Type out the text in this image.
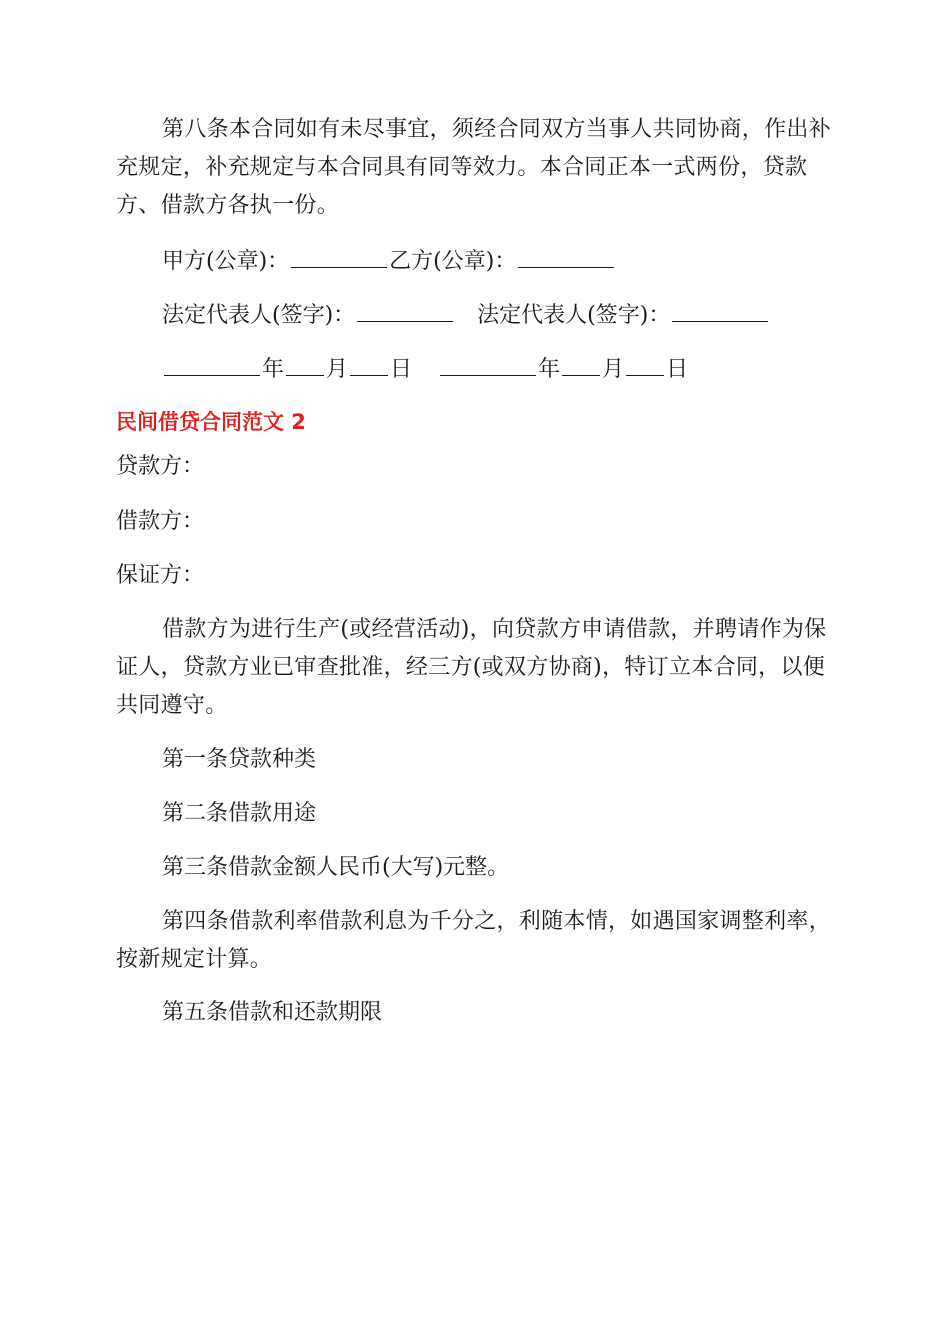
第八条本合同如有未尽事宜，须经合同双方当事人共同协商，作出补
充规定，补充规定与本合同具有同等效力。本合同正本一式两份，贷款
方、借款方各执一份。

甲方(公章)：	乙方(公章)：

法定代表人(签字)：	法定代表人(签字)：

年 月 日	年 月 日

民间借贷合同范文 2

贷款方：

借款方：

保证方：

借款方为进行生产(或经营活动)，向贷款方申请借款，并聘请作为保
证人，贷款方业已审查批准，经三方(或双方协商)，特订立本合同，以便
共同遵守。

第一条贷款种类

第二条借款用途

第三条借款金额人民币(大写)元整。

第四条借款利率借款利息为千分之，利随本情，如遇国家调整利率，
按新规定计算。

第五条借款和还款期限
